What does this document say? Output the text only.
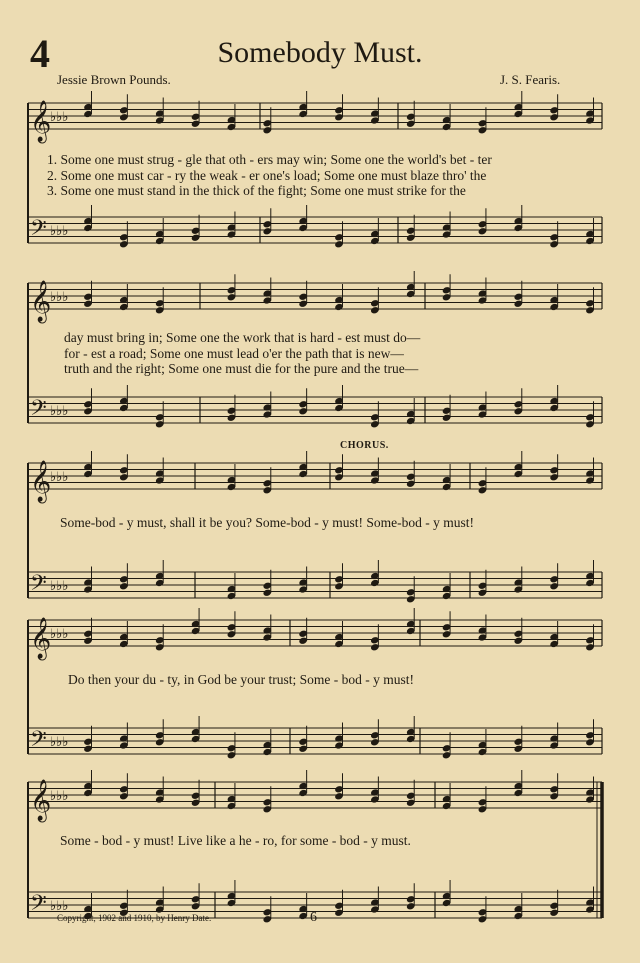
𝄞
♭♭♭
𝄢 ♭♭♭
𝄞
♭♭♭
𝄢 ♭♭♭
𝄞
♭♭♭
𝄢 ♭♭♭
𝄞
♭♭♭
𝄢 ♭♭♭
𝄞
♭♭♭
𝄢 ♭♭♭
4	Somebody Must.
Jessie Brown Pounds.	J. S. Fearis.
1. Some one must strug - gle that oth - ers may win; Some one the world's bet - ter
2. Some one must car - ry the weak - er one's load; Some one must blaze thro' the
3. Some one must stand in the thick of the fight; Some one must strike for the
day must bring in; Some one the work that is hard - est must do—
for - est a road; Some one must lead o'er the path that is new—
truth and the right; Some one must die for the pure and the true—
CHORUS.
Some-bod - y must, shall it be you? Some-bod - y must! Some-bod - y must!
Do then your du - ty, in God be your trust; Some - bod - y must!
Some - bod - y must! Live like a he - ro, for some - bod - y must.
Copyright, 1902 and 1910, by Henry Date.	6
